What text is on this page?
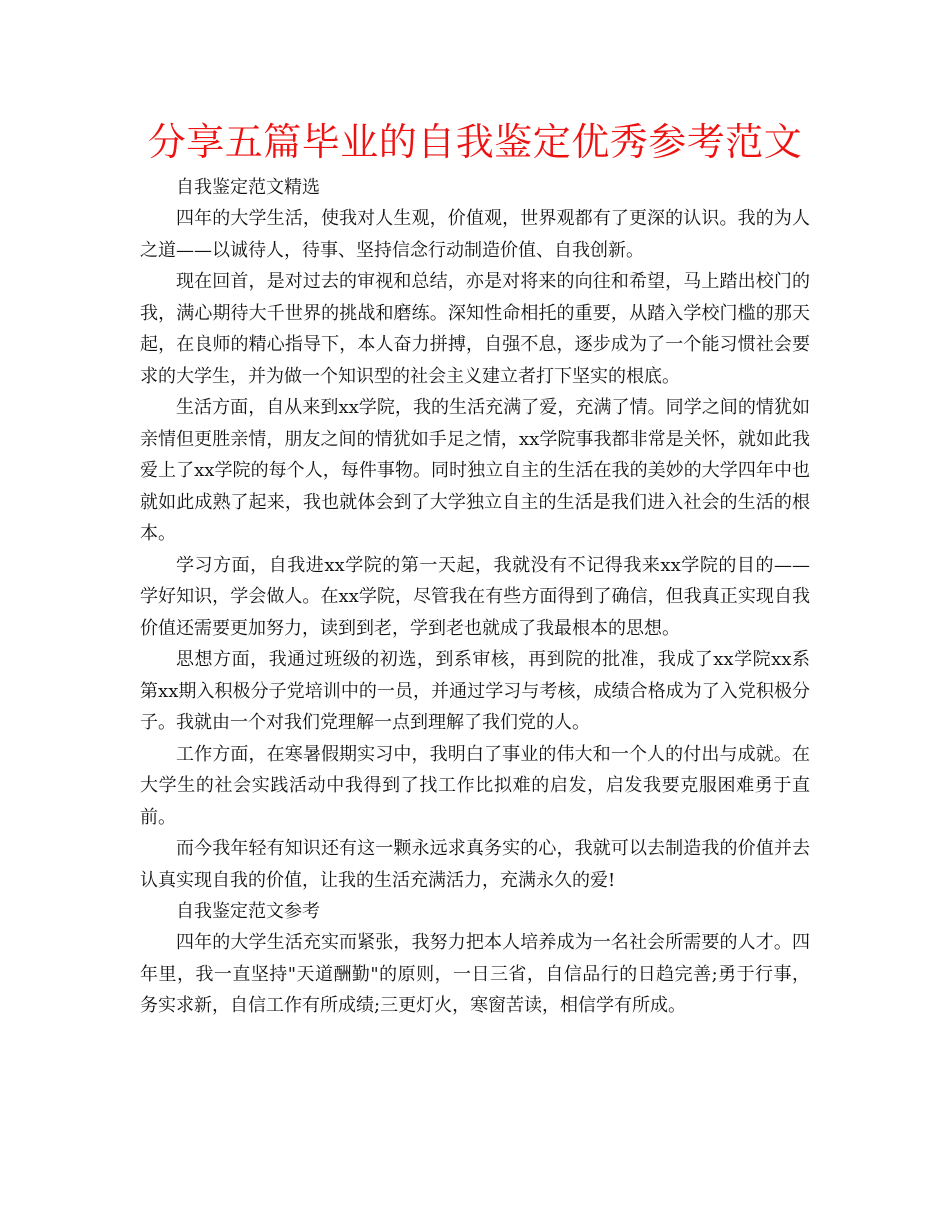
分享五篇毕业的自我鉴定优秀参考范文

自我鉴定范文精选

四年的大学生活，使我对人生观，价值观，世界观都有了更深的认识。我的为人之道——以诚待人，待事、坚持信念行动制造价值、自我创新。

现在回首，是对过去的审视和总结，亦是对将来的向往和希望，马上踏出校门的我，满心期待大千世界的挑战和磨练。深知性命相托的重要，从踏入学校门槛的那天起，在良师的精心指导下，本人奋力拼搏，自强不息，逐步成为了一个能习惯社会要求的大学生，并为做一个知识型的社会主义建立者打下坚实的根底。

生活方面，自从来到xx学院，我的生活充满了爱，充满了情。同学之间的情犹如亲情但更胜亲情，朋友之间的情犹如手足之情，xx学院事我都非常是关怀，就如此我爱上了xx学院的每个人，每件事物。同时独立自主的生活在我的美妙的大学四年中也就如此成熟了起来，我也就体会到了大学独立自主的生活是我们进入社会的生活的根本。

学习方面，自我进xx学院的第一天起，我就没有不记得我来xx学院的目的——学好知识，学会做人。在xx学院，尽管我在有些方面得到了确信，但我真正实现自我价值还需要更加努力，读到到老，学到老也就成了我最根本的思想。

思想方面，我通过班级的初选，到系审核，再到院的批准，我成了xx学院xx系第xx期入积极分子党培训中的一员，并通过学习与考核，成绩合格成为了入党积极分子。我就由一个对我们党理解一点到理解了我们党的人。

工作方面，在寒暑假期实习中，我明白了事业的伟大和一个人的付出与成就。在大学生的社会实践活动中我得到了找工作比拟难的启发，启发我要克服困难勇于直前。

而今我年轻有知识还有这一颗永远求真务实的心，我就可以去制造我的价值并去认真实现自我的价值，让我的生活充满活力，充满永久的爱!

自我鉴定范文参考

四年的大学生活充实而紧张，我努力把本人培养成为一名社会所需要的人才。四年里，我一直坚持"天道酬勤"的原则，一日三省，自信品行的日趋完善;勇于行事，务实求新，自信工作有所成绩;三更灯火，寒窗苦读，相信学有所成。
